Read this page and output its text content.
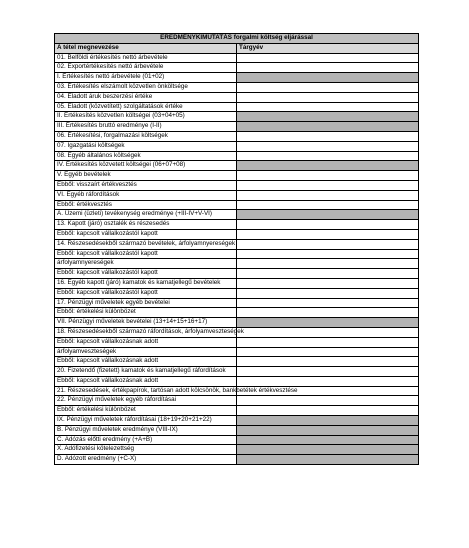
EREDMÉNYKIMUTATÁS forgalmi költség eljárással	
A tétel megnevezése	Tárgyév
01. Belföldi értékesítés nettó árbevétele	
02. Exportértékesítés nettó árbevétele	
I. Értékesítés nettó árbevétele (01+02)	
03. Értékesítés elszámolt közvetlen önköltsége	
04. Eladott áruk beszerzési értéke	
05. Eladott (közvetített) szolgáltatások értéke	
II. Értékesítés közvetlen költségei (03+04+05)	
III. Értékesítés bruttó eredménye (I-II)	
06. Értékesítési, forgalmazási költségek	
07. Igazgatási költségek	
08. Egyéb általános költségek	
IV. Értékesítés közvetett költségei (06+07+08)	
V. Egyéb bevételek	
Ebből: visszaírt értékvesztés	
VI. Egyéb ráfordítások	
Ebből: értékvesztés	
A. Üzemi (üzleti) tevékenység eredménye (+III-IV+V-VI)	
13. Kapott (járó) osztalék és részesedés	
Ebből: kapcsolt vállalkozástól kapott	
14. Részesedésekből származó bevételek, árfolyamnyereségek	
Ebből: kapcsolt vállalkozástól kapott	
árfolyamnyereségek	
Ebből: kapcsolt vállalkozástól kapott	
16. Egyéb kapott (járó) kamatok és kamatjellegű bevételek	
Ebből: kapcsolt vállalkozástól kapott	
17. Pénzügyi műveletek egyéb bevételei	
Ebből: értékelési különbözet	
VII. Pénzügyi műveletek bevételei (13+14+15+16+17)	
18. Részesedésekből származó ráfordítások, árfolyamveszteségek	
Ebből: kapcsolt vállalkozásnak adott	
árfolyamveszteségek	
Ebből: kapcsolt vállalkozásnak adott	
20. Fizetendő (fizetett) kamatok és kamatjellegű ráfordítások	
Ebből: kapcsolt vállalkozásnak adott	
21. Részesedések, értékpapírok, tartósan adott kölcsönök, bankbetétek értékvesztése	
22. Pénzügyi műveletek egyéb ráfordításai	
Ebből: értékelési különbözet	
IX. Pénzügyi műveletek ráfordításai (18+19+20+21+22)	
B. Pénzügyi műveletek eredménye (VIII-IX)	
C. Adózás előtti eredmény (+A+B)	
X. Adófizetési kötelezettség	
D. Adózott eredmény (+C-X)	
